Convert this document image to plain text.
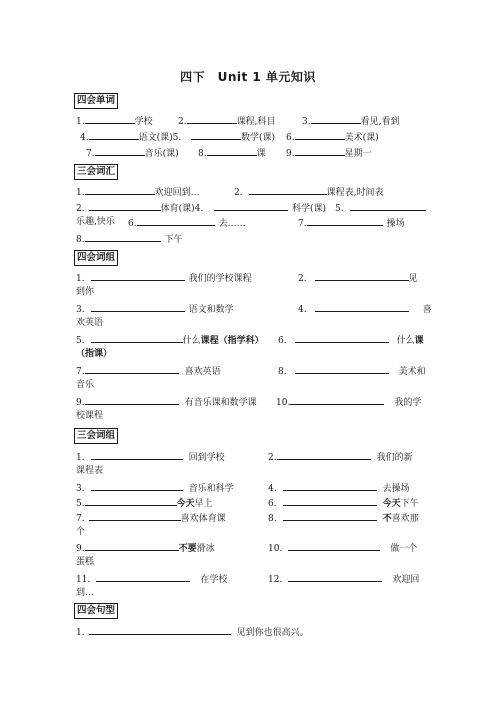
四下　Unit 1 单元知识
四会单词
1.	学校	2.	课程,科目	3.	看见,看到
4.	语文(课)5.	数学(课) 6.	美术(课)
7.	音乐(课) 8.	课 9.	星期一
三会词汇
1.	欢迎回到…	2.	课程表,时间表
2.	体育(课)4.	科学(课) 5.
乐趣,快乐 6.	去……	7.	操场
8.	下午
四会词组
1.	我们的学校课程	2.	见
到你
3.	语文和数学	4.	喜
欢英语
5.	什么课程（指学科） 6.	什么课
（指课）
7.	喜欢英语	8.	美术和
音乐
9.	有音乐课和数学课 10.	我的学
校课程
三会词组
1.	回到学校	2.	我们的新
课程表
3.	音乐和科学	4.	去操场
5.	今天早上	6.	今天下午
7.	喜欢体育课	8.	不喜欢那
个
9.	不要滑冰	10.	做一个
蛋糕
11.	在学校	12.	欢迎回
到...
四会句型
1.	见到你也很高兴。
